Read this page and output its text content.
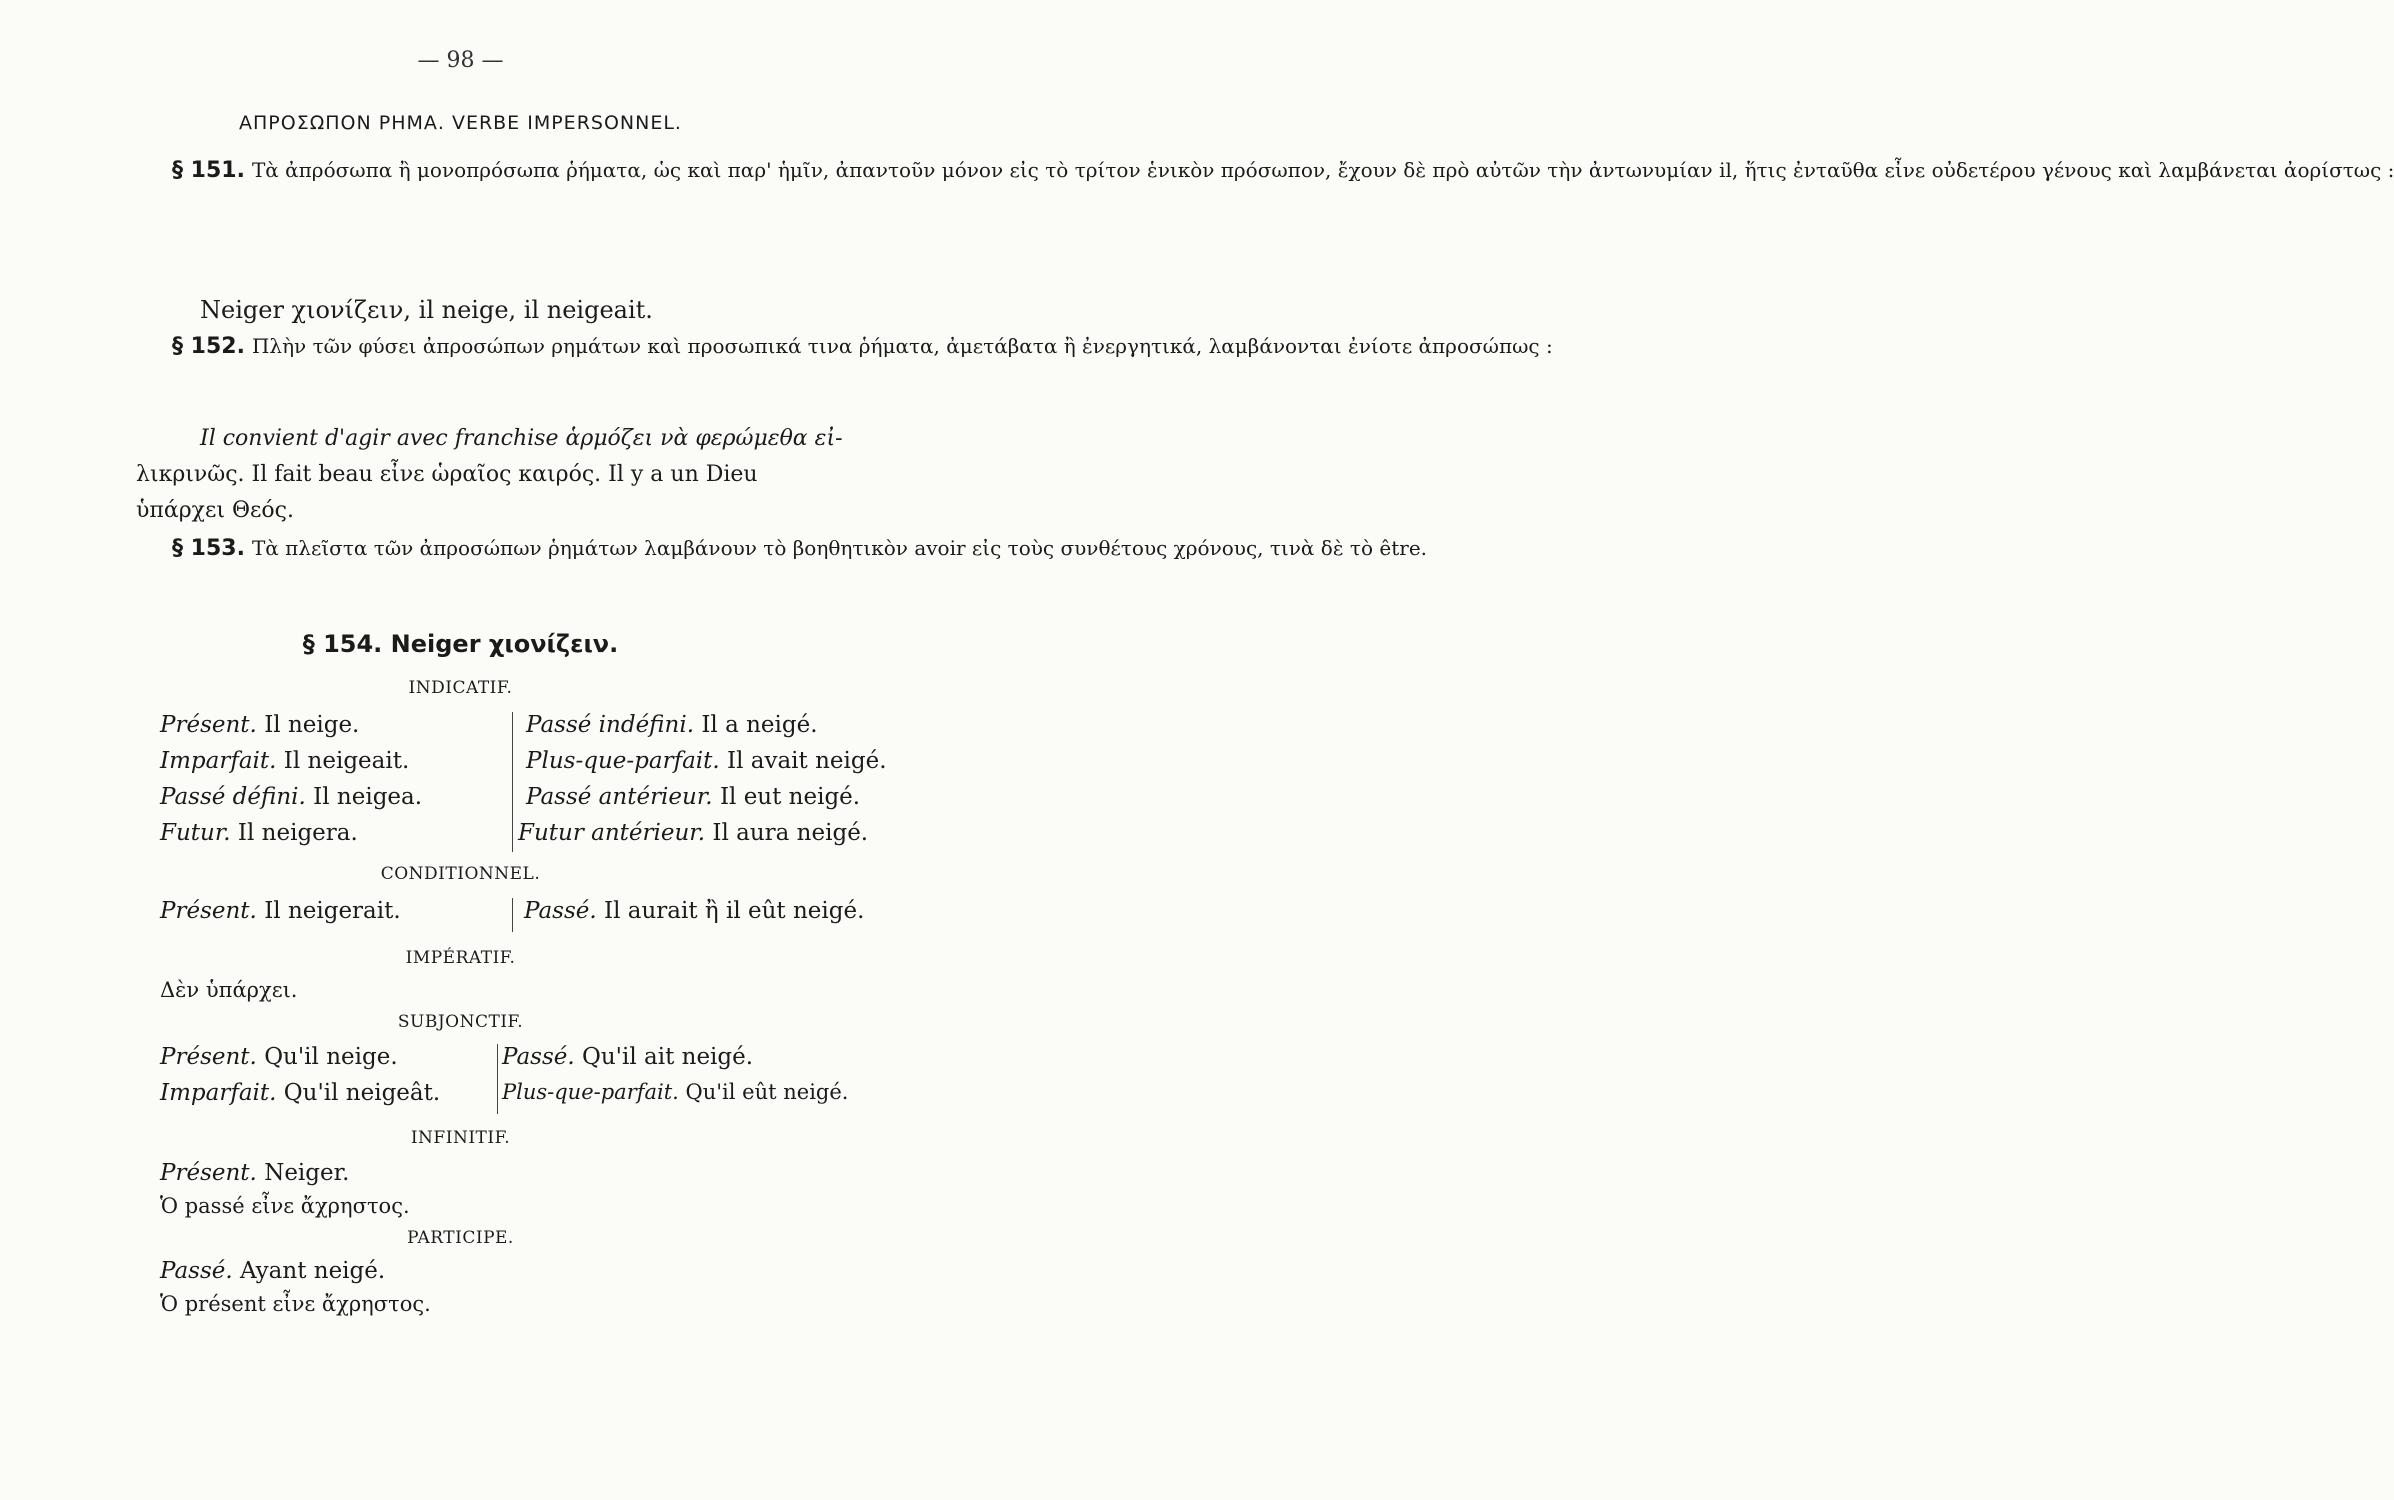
— 98 —
ΑΠΡΟΣΩΠΟΝ ΡΗΜΑ. VERBE IMPERSONNEL.

§ 151. Τὰ ἀπρόσωπα ἢ μονοπρόσωπα ῥήματα, ὡς καὶ παρ' ἡμῖν, ἀπαντοῦν μόνον εἰς τὸ τρίτον ἑνικὸν πρόσωπον, ἔχουν δὲ πρὸ αὐτῶν τὴν ἀντωνυμίαν il, ἥτις ἐνταῦθα εἶνε οὐδετέρου γένους καὶ λαμβάνεται ἀορίστως :

Neiger χιονίζειν, il neige, il neigeait.

§ 152. Πλὴν τῶν φύσει ἀπροσώπων ρημάτων καὶ προσωπικά τινα ῥήματα, ἀμετάβατα ἢ ἐνεργητικά, λαμβάνονται ἐνίοτε ἀπροσώπως :

Il convient d'agir avec franchise ἁρμόζει νὰ φερώμεθα εἰ-
λικρινῶς. Il fait beau εἶνε ὡραῖος καιρός. Il y a un Dieu
ὑπάρχει Θεός.

§ 153. Τὰ πλεῖστα τῶν ἀπροσώπων ῥημάτων λαμβάνουν τὸ βοηθητικὸν avoir εἰς τοὺς συνθέτους χρόνους, τινὰ δὲ τὸ être.

§ 154. Neiger χιονίζειν.
INDICATIF.
Présent. Il neige.
Imparfait. Il neigeait.
Passé défini. Il neigea.
Futur. Il neigera.
Passé indéfini. Il a neigé.
Plus-que-parfait. Il avait neigé.
Passé antérieur. Il eut neigé.
Futur antérieur. Il aura neigé.
CONDITIONNEL.
Présent. Il neigerait.	Passé. Il aurait ἢ il eût neigé.
IMPÉRATIF.
Δὲν ὑπάρχει.
SUBJONCTIF.
Présent. Qu'il neige.
Imparfait. Qu'il neigeât.
Passé. Qu'il ait neigé.
Plus-que-parfait. Qu'il eût neigé.
INFINITIF.
Présent. Neiger.
Ὁ passé εἶνε ἄχρηστος.
PARTICIPE.
Passé. Ayant neigé.
Ὁ présent εἶνε ἄχρηστος.
